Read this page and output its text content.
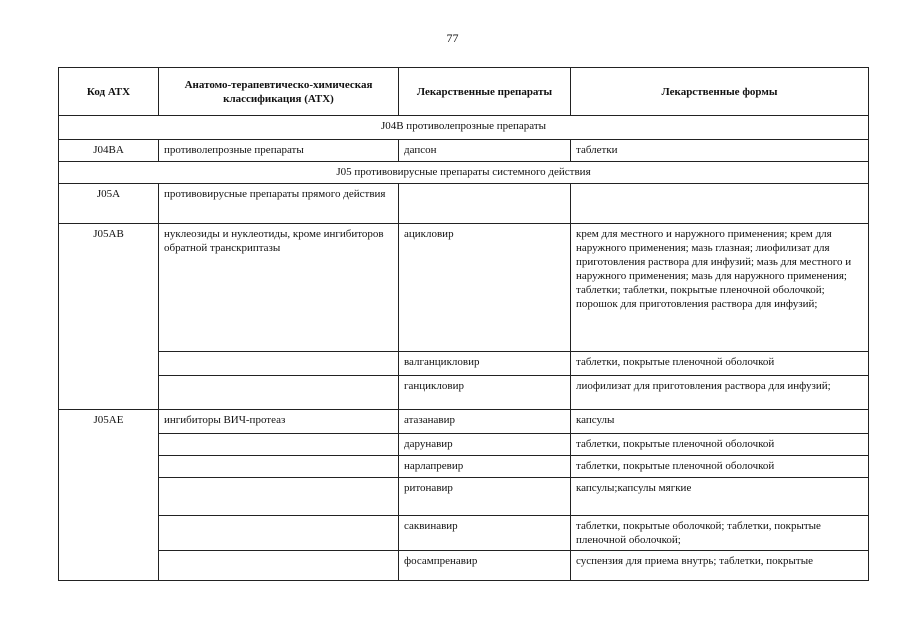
77
Код АТХ	Анатомо-терапевтическо-химическая классификация (АТХ)	Лекарственные препараты	Лекарственные формы
J04B противолепрозные препараты			
J04BA	противолепрозные препараты	дапсон	таблетки
J05 противовирусные препараты системного действия			
J05A	противовирусные препараты прямого действия		
J05AB	нуклеозиды и нуклеотиды, кроме ингибиторов обратной транскриптазы	ацикловир	крем для местного и наружного применения; крем для наружного применения; мазь глазная; лиофилизат для приготовления раствора для инфузий; мазь для местного и наружного применения; мазь для наружного применения; таблетки; таблетки, покрытые пленочной оболочкой; порошок для приготовления раствора для инфузий;
		валганцикловир	таблетки, покрытые пленочной оболочкой
		ганцикловир	лиофилизат для приготовления раствора для инфузий;
J05AE	ингибиторы ВИЧ-протеаз	атазанавир	капсулы
		дарунавир	таблетки, покрытые пленочной оболочкой
		нарлапревир	таблетки, покрытые пленочной оболочкой
		ритонавир	капсулы;капсулы мягкие
		саквинавир	таблетки, покрытые оболочкой; таблетки, покрытые пленочной оболочкой;
		фосампренавир	суспензия для приема внутрь; таблетки, покрытые
